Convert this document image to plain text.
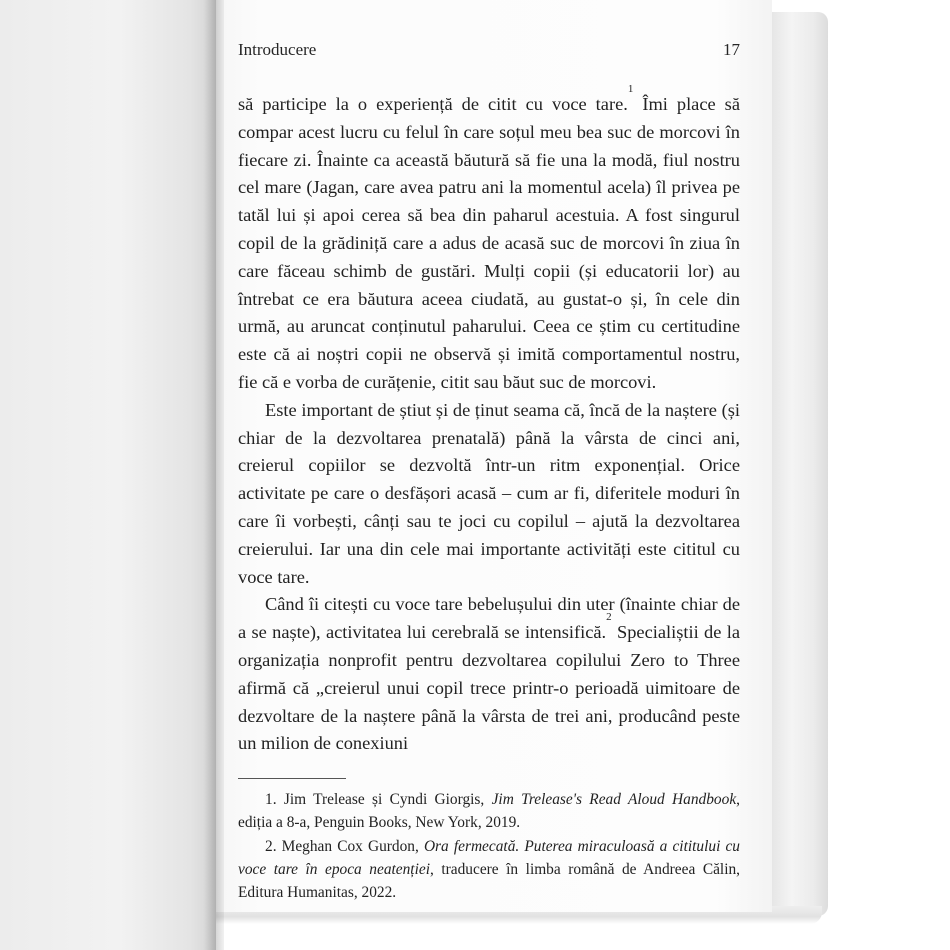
Introducere	17

să participe la o experiență de citit cu voce tare.$^1$ Îmi place să compar acest lucru cu felul în care soțul meu bea suc de morcovi în fiecare zi. Înainte ca această băutură să fie una la modă, fiul nostru cel mare (Jagan, care avea patru ani la momentul acela) îl privea pe tatăl lui și apoi cerea să bea din paharul acestuia. A fost singurul copil de la grădiniță care a adus de acasă suc de morcovi în ziua în care făceau schimb de gustări. Mulți copii (și educatorii lor) au întrebat ce era băutura aceea ciudată, au gustat-o și, în cele din urmă, au aruncat conținutul paharului. Ceea ce știm cu certitudine este că ai noștri copii ne observă și imită comportamentul nostru, fie că e vorba de curățenie, citit sau băut suc de morcovi.

Este important de știut și de ținut seama că, încă de la naștere (și chiar de la dezvoltarea prenatală) până la vârsta de cinci ani, creierul copiilor se dezvoltă într-un ritm exponențial. Orice activitate pe care o desfășori acasă – cum ar fi, diferitele moduri în care îi vorbești, cânți sau te joci cu copilul – ajută la dezvoltarea creierului. Iar una din cele mai importante activități este cititul cu voce tare.

Când îi citești cu voce tare bebelușului din uter (înainte chiar de a se naște), activitatea lui cerebrală se intensifică.$^2$ Specialiștii de la organizația nonprofit pentru dezvoltarea copilului Zero to Three afirmă că „creierul unui copil trece printr-o perioadă uimitoare de dezvoltare de la naștere până la vârsta de trei ani, producând peste un milion de conexiuni

1. Jim Trelease și Cyndi Giorgis, Jim Trelease's Read Aloud Handbook, ediția a 8-a, Penguin Books, New York, 2019.

2. Meghan Cox Gurdon, Ora fermecată. Puterea miraculoasă a cititului cu voce tare în epoca neatenției, traducere în limba română de Andreea Călin, Editura Humanitas, 2022.
